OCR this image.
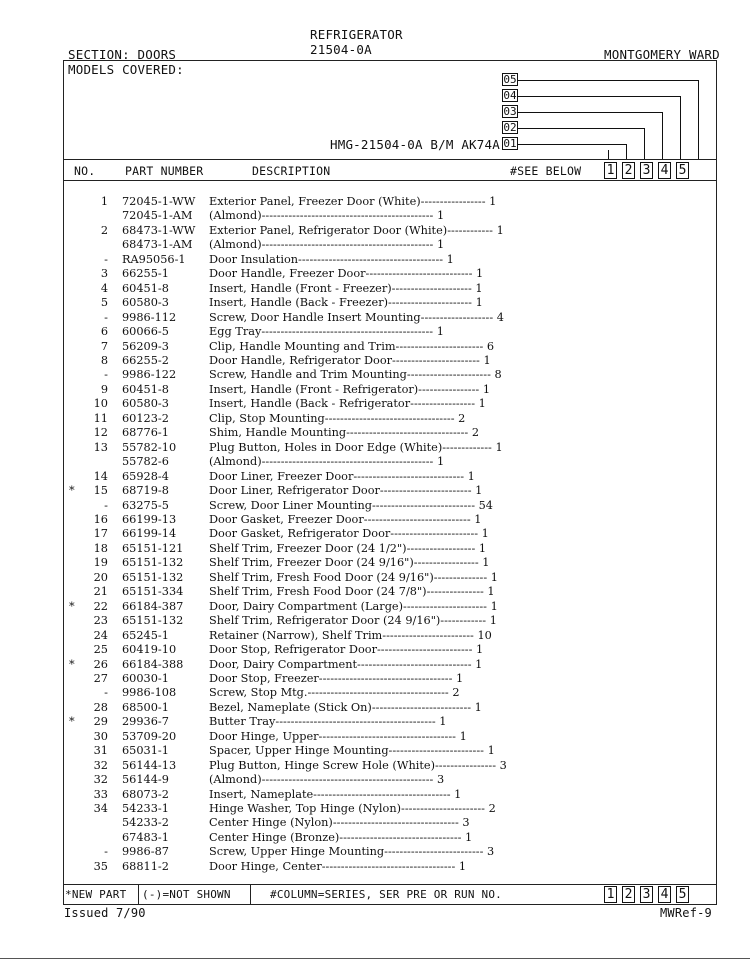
REFRIGERATOR
21504-0A
SECTION: DOORS	MONTGOMERY WARD
MODELS COVERED:
HMG-21504-0A B/M AK74A
05
04
03
02
01
NO.	PART NUMBER	DESCRIPTION	#SEE BELOW 1 2 3 4 5
1 72045-1-WW Exterior Panel, Freezer Door (White)----------------- 1
72045-1-AM (Almond)--------------------------------------------- 1
2 68473-1-WW Exterior Panel, Refrigerator Door (White)------------ 1
68473-1-AM (Almond)--------------------------------------------- 1
- RA95056-1 Door Insulation-------------------------------------- 1
3 66255-1	Door Handle, Freezer Door---------------------------- 1
4 60451-8	Insert, Handle (Front - Freezer)--------------------- 1
5 60580-3	Insert, Handle (Back - Freezer)---------------------- 1
- 9986-112	Screw, Door Handle Insert Mounting------------------- 4
6 60066-5	Egg Tray--------------------------------------------- 1
7 56209-3	Clip, Handle Mounting and Trim----------------------- 6
8 66255-2	Door Handle, Refrigerator Door----------------------- 1
- 9986-122	Screw, Handle and Trim Mounting---------------------- 8
9 60451-8	Insert, Handle (Front - Refrigerator)---------------- 1
10 60580-3	Insert, Handle (Back - Refrigerator----------------- 1
11 60123-2	Clip, Stop Mounting---------------------------------- 2
12 68776-1	Shim, Handle Mounting-------------------------------- 2
13 55782-10	Plug Button, Holes in Door Edge (White)------------- 1
55782-6	(Almond)--------------------------------------------- 1
14 65928-4	Door Liner, Freezer Door----------------------------- 1
*	15 68719-8	Door Liner, Refrigerator Door------------------------ 1
- 63275-5	Screw, Door Liner Mounting--------------------------- 54
16 66199-13	Door Gasket, Freezer Door---------------------------- 1
17 66199-14	Door Gasket, Refrigerator Door----------------------- 1
18 65151-121 Shelf Trim, Freezer Door (24 1/2")------------------ 1
19 65151-132 Shelf Trim, Freezer Door (24 9/16")----------------- 1
20 65151-132 Shelf Trim, Fresh Food Door (24 9/16")-------------- 1
21 65151-334 Shelf Trim, Fresh Food Door (24 7/8")--------------- 1
*	22 66184-387 Door, Dairy Compartment (Large)---------------------- 1
23 65151-132 Shelf Trim, Refrigerator Door (24 9/16")------------ 1
24 65245-1	Retainer (Narrow), Shelf Trim------------------------ 10
25 60419-10	Door Stop, Refrigerator Door------------------------- 1
*	26 66184-388 Door, Dairy Compartment------------------------------ 1
27 60030-1	Door Stop, Freezer----------------------------------- 1
- 9986-108	Screw, Stop Mtg.------------------------------------- 2
28 68500-1	Bezel, Nameplate (Stick On)-------------------------- 1
*	29 29936-7	Butter Tray------------------------------------------ 1
30 53709-20	Door Hinge, Upper------------------------------------ 1
31 65031-1	Spacer, Upper Hinge Mounting------------------------- 1
32 56144-13	Plug Button, Hinge Screw Hole (White)---------------- 3
32 56144-9	(Almond)--------------------------------------------- 3
33 68073-2	Insert, Nameplate------------------------------------ 1
34 54233-1	Hinge Washer, Top Hinge (Nylon)---------------------- 2
54233-2	Center Hinge (Nylon)--------------------------------- 3
67483-1	Center Hinge (Bronze)-------------------------------- 1
- 9986-87	Screw, Upper Hinge Mounting-------------------------- 3
35 68811-2	Door Hinge, Center----------------------------------- 1
*NEW PART (-)=NOT SHOWN	#COLUMN=SERIES, SER PRE OR RUN NO.	1 2 3 4 5
Issued 7/90	MWRef-9
